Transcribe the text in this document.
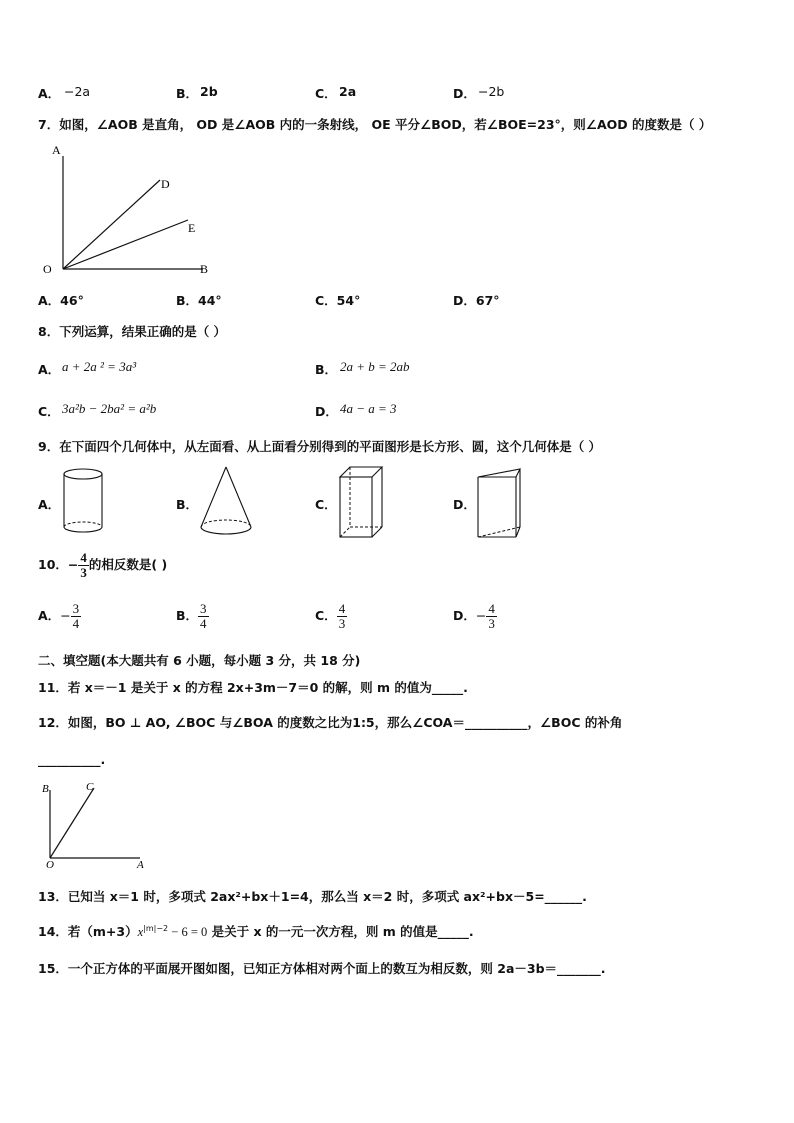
A． −2a	B． 2b	C． 2a	D． −2b
7．如图，∠AOB 是直角， OD 是∠AOB 内的一条射线， OE 平分∠BOD，若∠BOE=23°，则∠AOD 的度数是（ ）
A
D
E
O	B
A．46°	B．44°	C．54°	D．67°
8．下列运算，结果正确的是（ ）
A． a + 2a ² = 3a³	B． 2a + b = 2ab
C． 3a²b − 2ba² = a²b	D． 4a − a = 3
9．在下面四个几何体中，从左面看、从上面看分别得到的平面图形是长方形、圆，这个几何体是（ ）
A．	B．	C．	D．
10．− $\frac{4}{3}$ 的相反数是( )
A．− $\frac{3}{4}$	B． $\frac{3}{4}$	C． $\frac{4}{3}$	D．− $\frac{4}{3}$
二、填空题(本大题共有 6 小题，每小题 3 分，共 18 分)
11．若 x＝－1 是关于 x 的方程 2x+3m－7＝0 的解，则 m 的值为_____.
12．如图，BO ⊥ AO, ∠BOC 与∠BOA 的度数之比为1:5，那么∠COA＝__________，∠BOC 的补角
__________.
B	C
O	A
13．已知当 x＝1 时，多项式 2ax²+bx＋1=4，那么当 x＝2 时，多项式 ax²+bx－5=______.
14．若$(m+3)x^{|m|-2} - 6 = 0$ 是关于 x 的一元一次方程，则 m 的值是_____.
15．一个正方体的平面展开图如图，已知正方体相对两个面上的数互为相反数，则 2a－3b＝_______.
